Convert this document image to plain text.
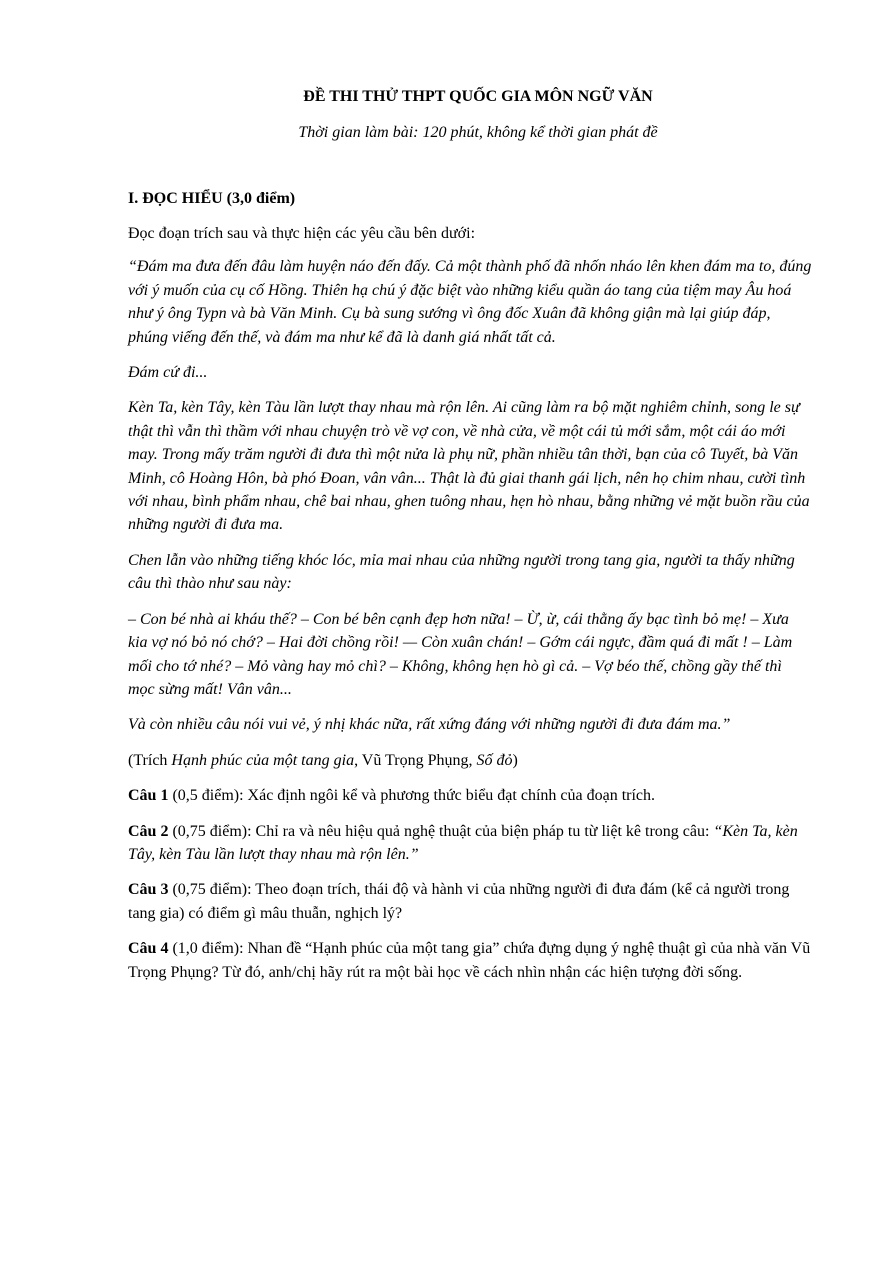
ĐỀ THI THỬ THPT QUỐC GIA MÔN NGỮ VĂN

Thời gian làm bài: 120 phút, không kể thời gian phát đề

I. ĐỌC HIỂU (3,0 điểm)

Đọc đoạn trích sau và thực hiện các yêu cầu bên dưới:

“Đám ma đưa đến đâu làm huyện náo đến đấy. Cả một thành phố đã nhốn nháo lên khen đám ma to, đúng với ý muốn của cụ cố Hồng. Thiên hạ chú ý đặc biệt vào những kiểu quần áo tang của tiệm may Âu hoá như ý ông Typn và bà Văn Minh. Cụ bà sung sướng vì ông đốc Xuân đã không giận mà lại giúp đáp, phúng viếng đến thế, và đám ma như kể đã là danh giá nhất tất cả.

Đám cứ đi...

Kèn Ta, kèn Tây, kèn Tàu lần lượt thay nhau mà rộn lên. Ai cũng làm ra bộ mặt nghiêm chỉnh, song le sự thật thì vẫn thì thầm với nhau chuyện trò về vợ con, về nhà cửa, về một cái tủ mới sắm, một cái áo mới may. Trong mấy trăm người đi đưa thì một nửa là phụ nữ, phần nhiều tân thời, bạn của cô Tuyết, bà Văn Minh, cô Hoàng Hôn, bà phó Đoan, vân vân... Thật là đủ giai thanh gái lịch, nên họ chim nhau, cười tình với nhau, bình phẩm nhau, chê bai nhau, ghen tuông nhau, hẹn hò nhau, bằng những vẻ mặt buồn rầu của những người đi đưa ma.

Chen lẫn vào những tiếng khóc lóc, mỉa mai nhau của những người trong tang gia, người ta thấy những câu thì thào như sau này:

– Con bé nhà ai kháu thế? – Con bé bên cạnh đẹp hơn nữa! – Ừ, ừ, cái thằng ấy bạc tình bỏ mẹ! – Xưa kia vợ nó bỏ nó chớ? – Hai đời chồng rồi! — Còn xuân chán! – Gớm cái ngực, đầm quá đi mất ! – Làm mối cho tớ nhé? – Mỏ vàng hay mỏ chì? – Không, không hẹn hò gì cả. – Vợ béo thế, chồng gầy thế thì mọc sừng mất! Vân vân...

Và còn nhiều câu nói vui vẻ, ý nhị khác nữa, rất xứng đáng với những người đi đưa đám ma.”

(Trích Hạnh phúc của một tang gia, Vũ Trọng Phụng, Số đỏ)

Câu 1 (0,5 điểm): Xác định ngôi kể và phương thức biểu đạt chính của đoạn trích.

Câu 2 (0,75 điểm): Chỉ ra và nêu hiệu quả nghệ thuật của biện pháp tu từ liệt kê trong câu: “Kèn Ta, kèn Tây, kèn Tàu lần lượt thay nhau mà rộn lên.”

Câu 3 (0,75 điểm): Theo đoạn trích, thái độ và hành vi của những người đi đưa đám (kể cả người trong tang gia) có điểm gì mâu thuẫn, nghịch lý?

Câu 4 (1,0 điểm): Nhan đề “Hạnh phúc của một tang gia” chứa đựng dụng ý nghệ thuật gì của nhà văn Vũ Trọng Phụng? Từ đó, anh/chị hãy rút ra một bài học về cách nhìn nhận các hiện tượng đời sống.
